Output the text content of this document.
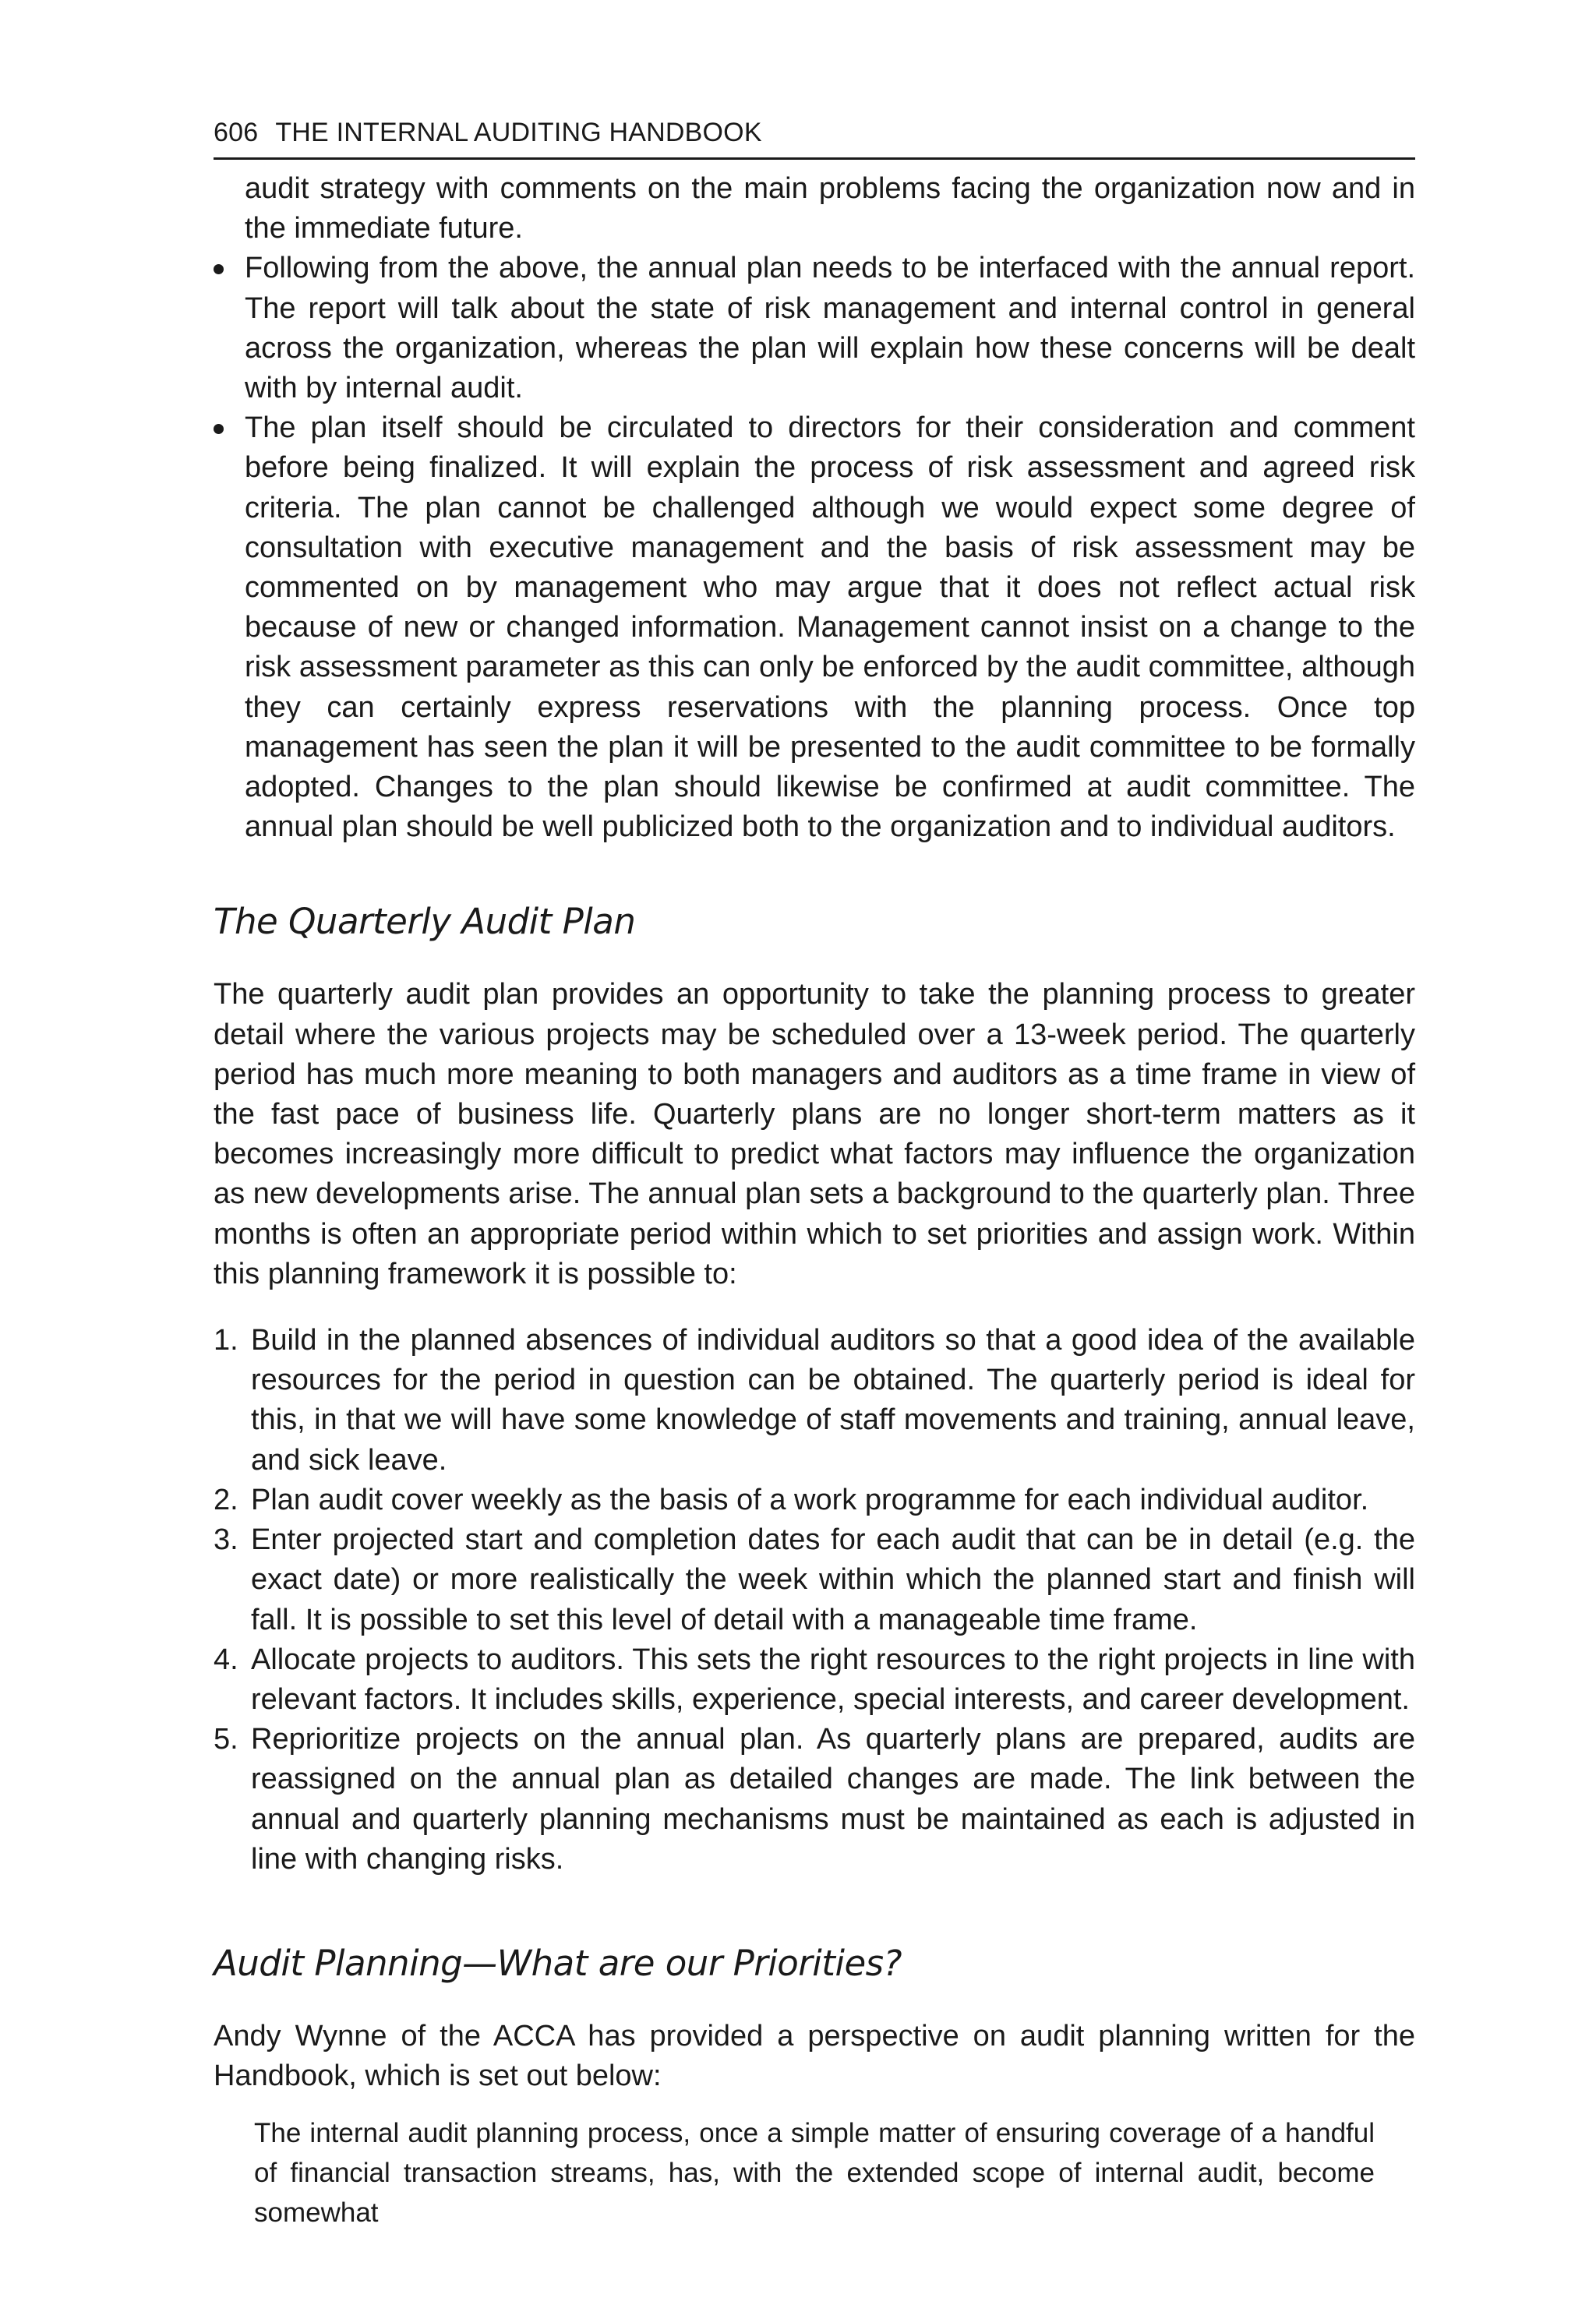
606 THE INTERNAL AUDITING HANDBOOK

audit strategy with comments on the main problems facing the organization now and in the immediate future.

Following from the above, the annual plan needs to be interfaced with the annual report. The report will talk about the state of risk management and internal control in general across the organization, whereas the plan will explain how these concerns will be dealt with by internal audit.
The plan itself should be circulated to directors for their consideration and comment before being finalized. It will explain the process of risk assessment and agreed risk criteria. The plan cannot be challenged although we would expect some degree of consultation with executive management and the basis of risk assessment may be commented on by management who may argue that it does not reflect actual risk because of new or changed information. Management cannot insist on a change to the risk assessment parameter as this can only be enforced by the audit committee, although they can certainly express reservations with the planning process. Once top management has seen the plan it will be presented to the audit committee to be formally adopted. Changes to the plan should likewise be confirmed at audit committee. The annual plan should be well publicized both to the organization and to individual auditors.
The Quarterly Audit Plan

The quarterly audit plan provides an opportunity to take the planning process to greater detail where the various projects may be scheduled over a 13-week period. The quarterly period has much more meaning to both managers and auditors as a time frame in view of the fast pace of business life. Quarterly plans are no longer short-term matters as it becomes increasingly more difficult to predict what factors may influence the organization as new developments arise. The annual plan sets a background to the quarterly plan. Three months is often an appropriate period within which to set priorities and assign work. Within this planning framework it is possible to:

1. Build in the planned absences of individual auditors so that a good idea of the available resources for the period in question can be obtained. The quarterly period is ideal for this, in that we will have some knowledge of staff movements and training, annual leave, and sick leave.
2. Plan audit cover weekly as the basis of a work programme for each individual auditor.
3. Enter projected start and completion dates for each audit that can be in detail (e.g. the exact date) or more realistically the week within which the planned start and finish will fall. It is possible to set this level of detail with a manageable time frame.
4. Allocate projects to auditors. This sets the right resources to the right projects in line with relevant factors. It includes skills, experience, special interests, and career development.
5. Reprioritize projects on the annual plan. As quarterly plans are prepared, audits are reassigned on the annual plan as detailed changes are made. The link between the annual and quarterly planning mechanisms must be maintained as each is adjusted in line with changing risks.
Audit Planning—What are our Priorities?

Andy Wynne of the ACCA has provided a perspective on audit planning written for the Handbook, which is set out below:

The internal audit planning process, once a simple matter of ensuring coverage of a handful of financial transaction streams, has, with the extended scope of internal audit, become somewhat
